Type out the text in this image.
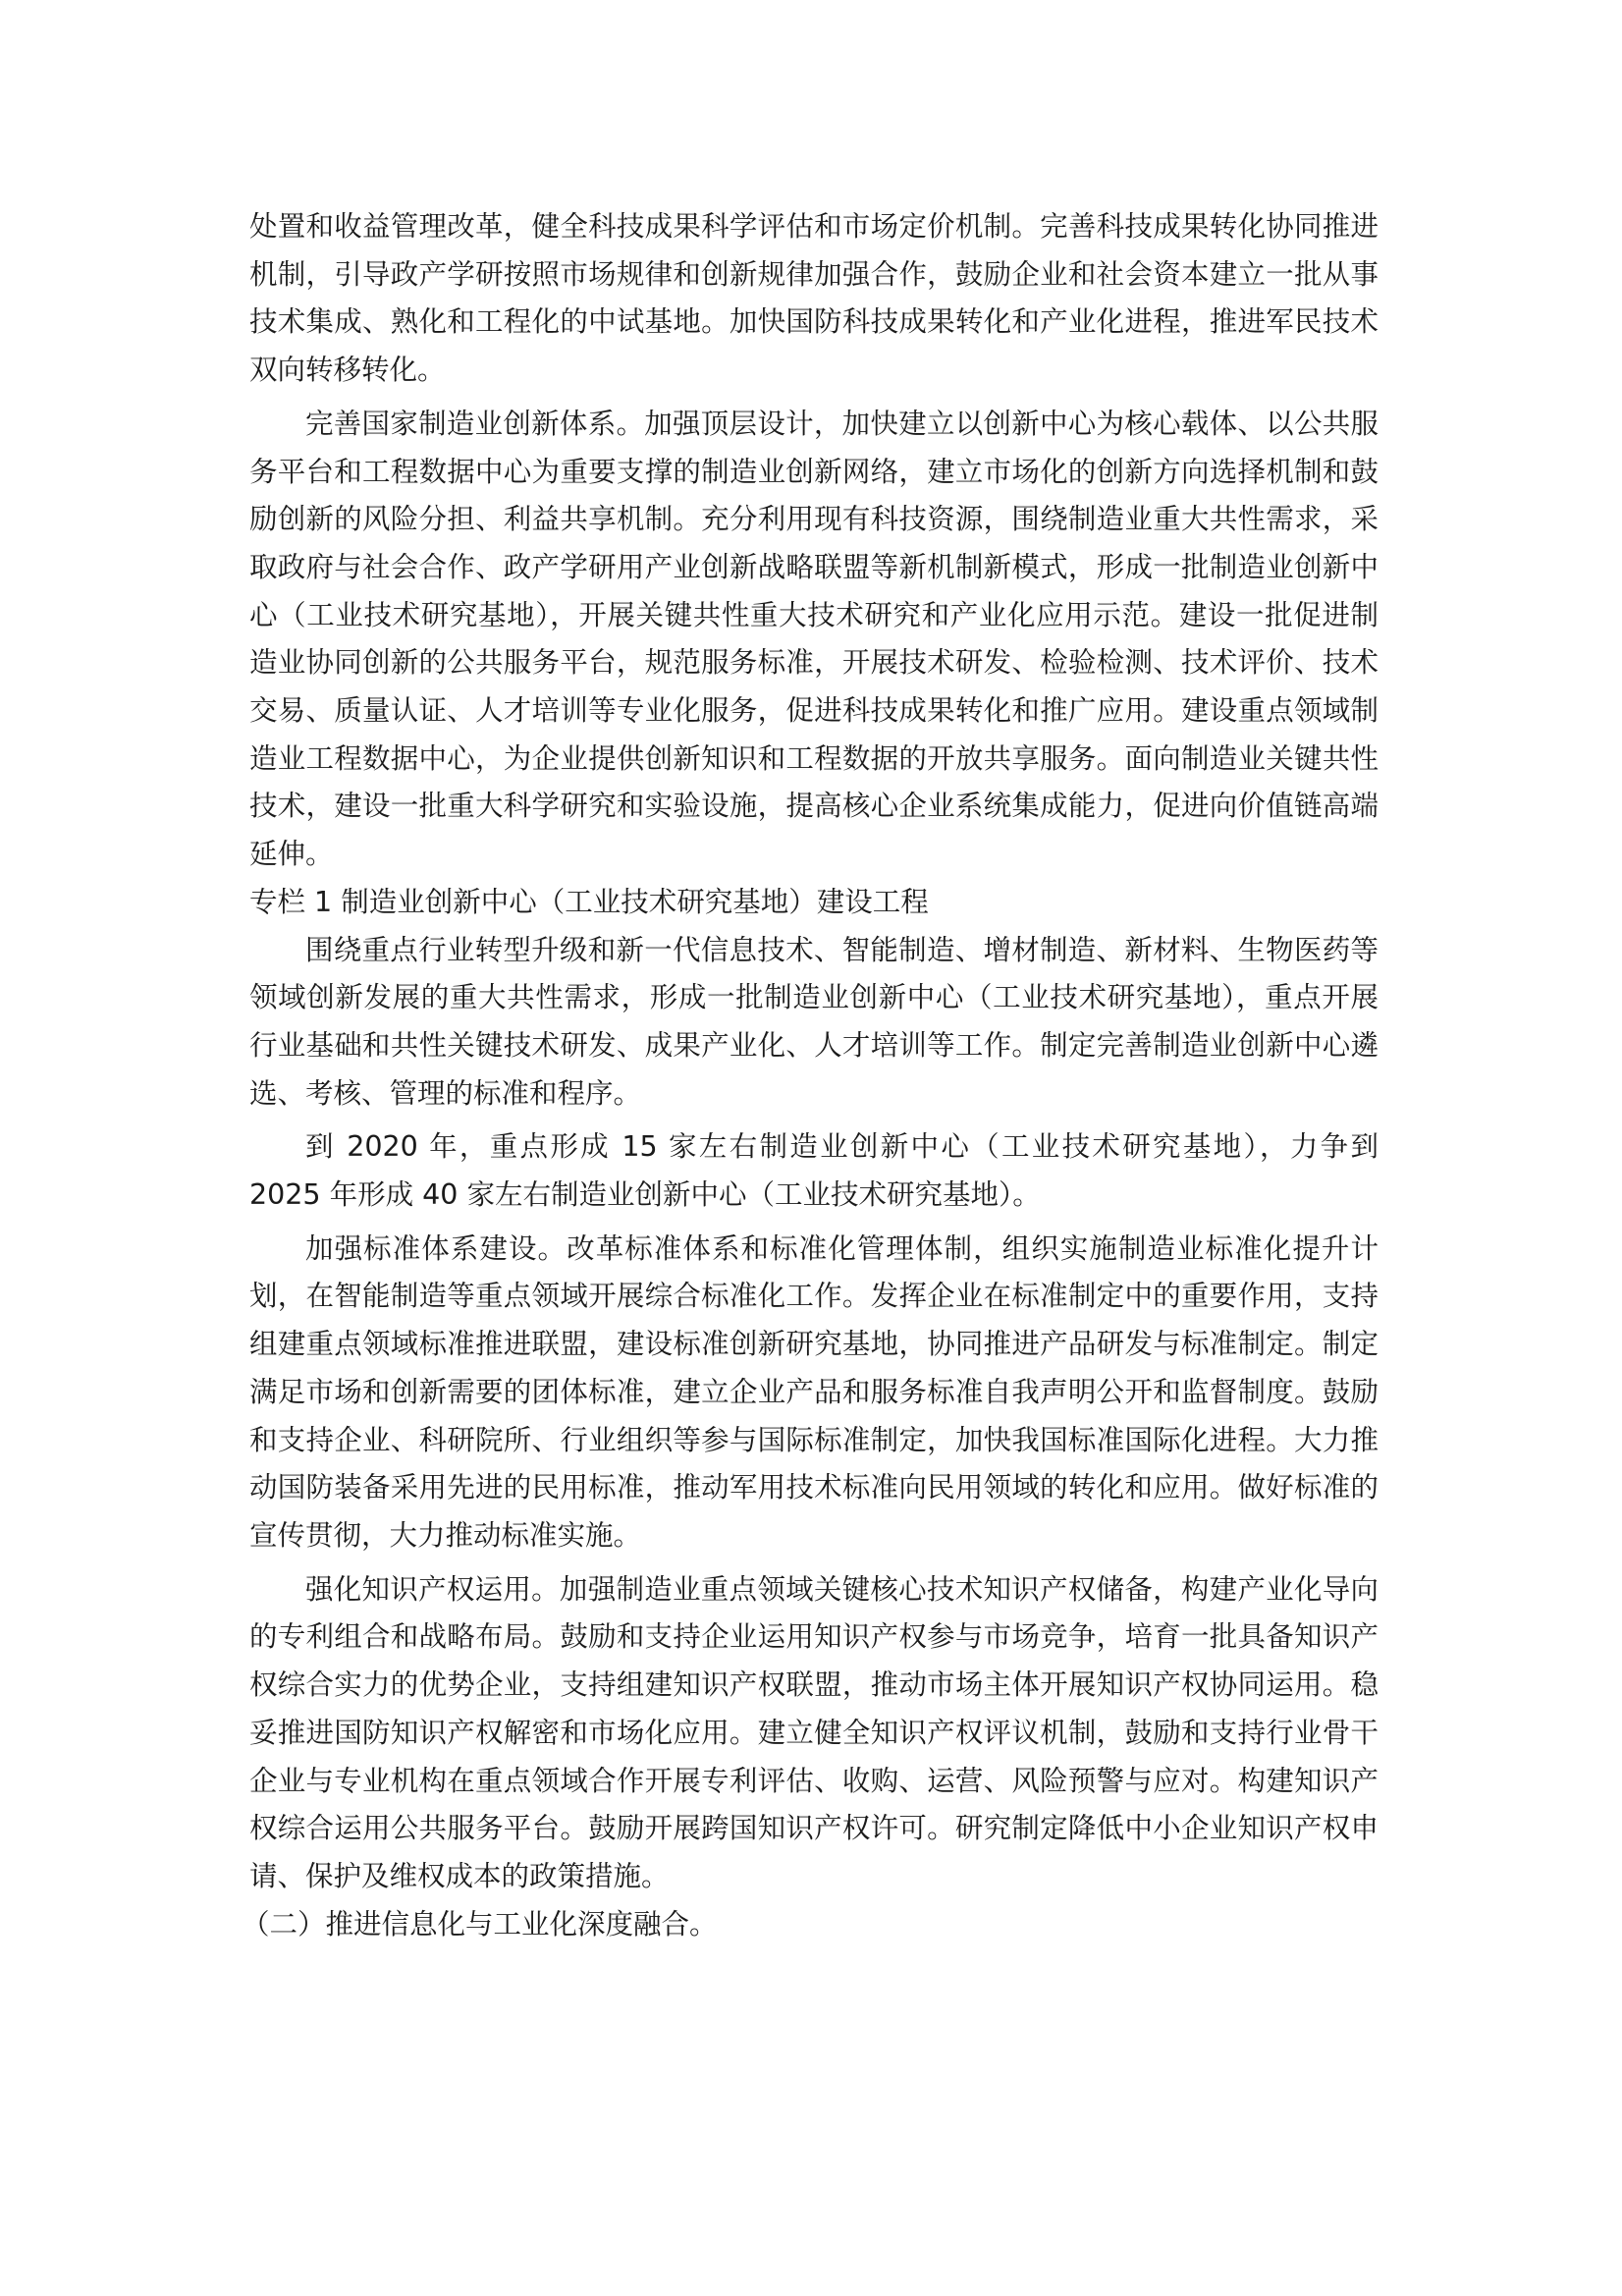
处置和收益管理改革，健全科技成果科学评估和市场定价机制。完善科技成果转化协同推进机制，引导政产学研按照市场规律和创新规律加强合作，鼓励企业和社会资本建立一批从事技术集成、熟化和工程化的中试基地。加快国防科技成果转化和产业化进程，推进军民技术双向转移转化。

完善国家制造业创新体系。加强顶层设计，加快建立以创新中心为核心载体、以公共服务平台和工程数据中心为重要支撑的制造业创新网络，建立市场化的创新方向选择机制和鼓励创新的风险分担、利益共享机制。充分利用现有科技资源，围绕制造业重大共性需求，采取政府与社会合作、政产学研用产业创新战略联盟等新机制新模式，形成一批制造业创新中心（工业技术研究基地），开展关键共性重大技术研究和产业化应用示范。建设一批促进制造业协同创新的公共服务平台，规范服务标准，开展技术研发、检验检测、技术评价、技术交易、质量认证、人才培训等专业化服务，促进科技成果转化和推广应用。建设重点领域制造业工程数据中心，为企业提供创新知识和工程数据的开放共享服务。面向制造业关键共性技术，建设一批重大科学研究和实验设施，提高核心企业系统集成能力，促进向价值链高端延伸。

专栏 1 制造业创新中心（工业技术研究基地）建设工程

围绕重点行业转型升级和新一代信息技术、智能制造、增材制造、新材料、生物医药等领域创新发展的重大共性需求，形成一批制造业创新中心（工业技术研究基地），重点开展行业基础和共性关键技术研发、成果产业化、人才培训等工作。制定完善制造业创新中心遴选、考核、管理的标准和程序。

到 2020 年，重点形成 15 家左右制造业创新中心（工业技术研究基地），力争到 2025 年形成 40 家左右制造业创新中心（工业技术研究基地）。

加强标准体系建设。改革标准体系和标准化管理体制，组织实施制造业标准化提升计划，在智能制造等重点领域开展综合标准化工作。发挥企业在标准制定中的重要作用，支持组建重点领域标准推进联盟，建设标准创新研究基地，协同推进产品研发与标准制定。制定满足市场和创新需要的团体标准，建立企业产品和服务标准自我声明公开和监督制度。鼓励和支持企业、科研院所、行业组织等参与国际标准制定，加快我国标准国际化进程。大力推动国防装备采用先进的民用标准，推动军用技术标准向民用领域的转化和应用。做好标准的宣传贯彻，大力推动标准实施。

强化知识产权运用。加强制造业重点领域关键核心技术知识产权储备，构建产业化导向的专利组合和战略布局。鼓励和支持企业运用知识产权参与市场竞争，培育一批具备知识产权综合实力的优势企业，支持组建知识产权联盟，推动市场主体开展知识产权协同运用。稳妥推进国防知识产权解密和市场化应用。建立健全知识产权评议机制，鼓励和支持行业骨干企业与专业机构在重点领域合作开展专利评估、收购、运营、风险预警与应对。构建知识产权综合运用公共服务平台。鼓励开展跨国知识产权许可。研究制定降低中小企业知识产权申请、保护及维权成本的政策措施。

（二）推进信息化与工业化深度融合。
